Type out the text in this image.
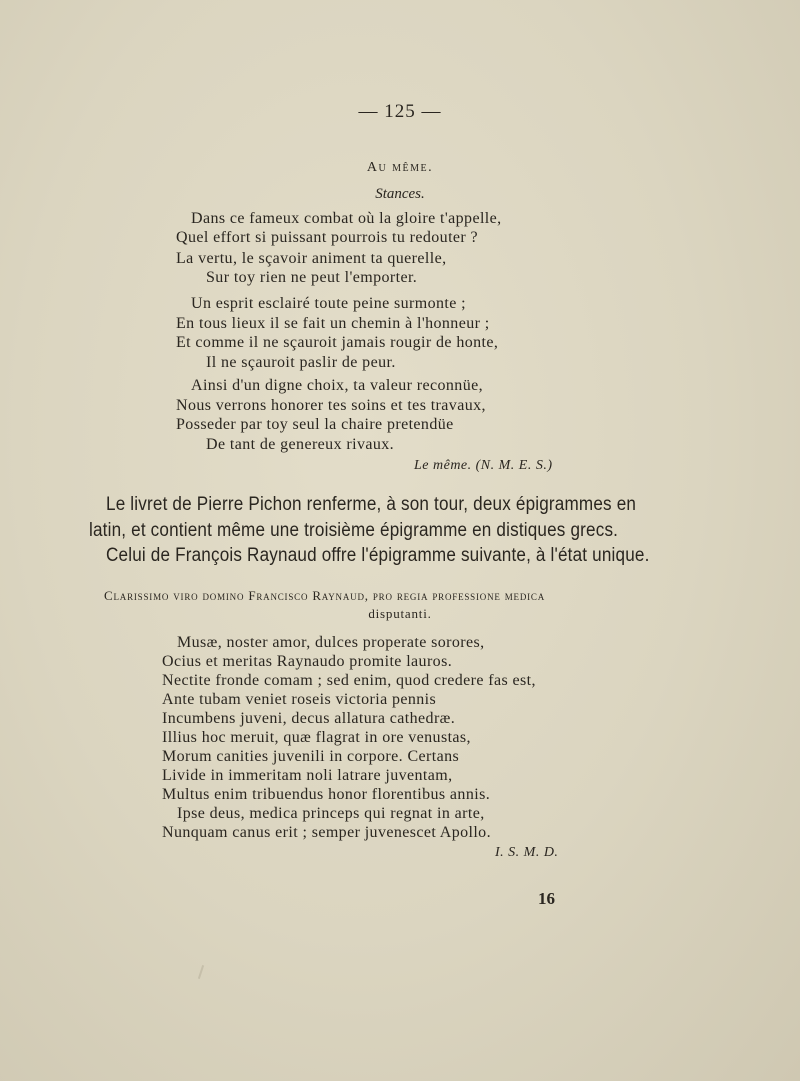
— 125 —
Au même.
Stances.
Dans ce fameux combat où la gloire t'appelle,
Quel effort si puissant pourrois tu redouter ?
La vertu, le sçavoir animent ta querelle,
Sur toy rien ne peut l'emporter.
Un esprit esclairé toute peine surmonte ;
En tous lieux il se fait un chemin à l'honneur ;
Et comme il ne sçauroit jamais rougir de honte,
Il ne sçauroit paslir de peur.
Ainsi d'un digne choix, ta valeur reconnüe,
Nous verrons honorer tes soins et tes travaux,
Posseder par toy seul la chaire pretendüe
De tant de genereux rivaux.
Le même. (N. M. E. S.)
Le livret de Pierre Pichon renferme, à son tour, deux épigrammes en
latin, et contient même une troisième épigramme en distiques grecs.
Celui de François Raynaud offre l'épigramme suivante, à l'état unique.
Clarissimo viro domino Francisco Raynaud, pro regia professione medica
disputanti.
Musæ, noster amor, dulces properate sorores,
Ocius et meritas Raynaudo promite lauros.
Nectite fronde comam ; sed enim, quod credere fas est,
Ante tubam veniet roseis victoria pennis
Incumbens juveni, decus allatura cathedræ.
Illius hoc meruit, quæ flagrat in ore venustas,
Morum canities juvenili in corpore. Certans
Livide in immeritam noli latrare juventam,
Multus enim tribuendus honor florentibus annis.
Ipse deus, medica princeps qui regnat in arte,
Nunquam canus erit ; semper juvenescet Apollo.
I. S. M. D.
16
